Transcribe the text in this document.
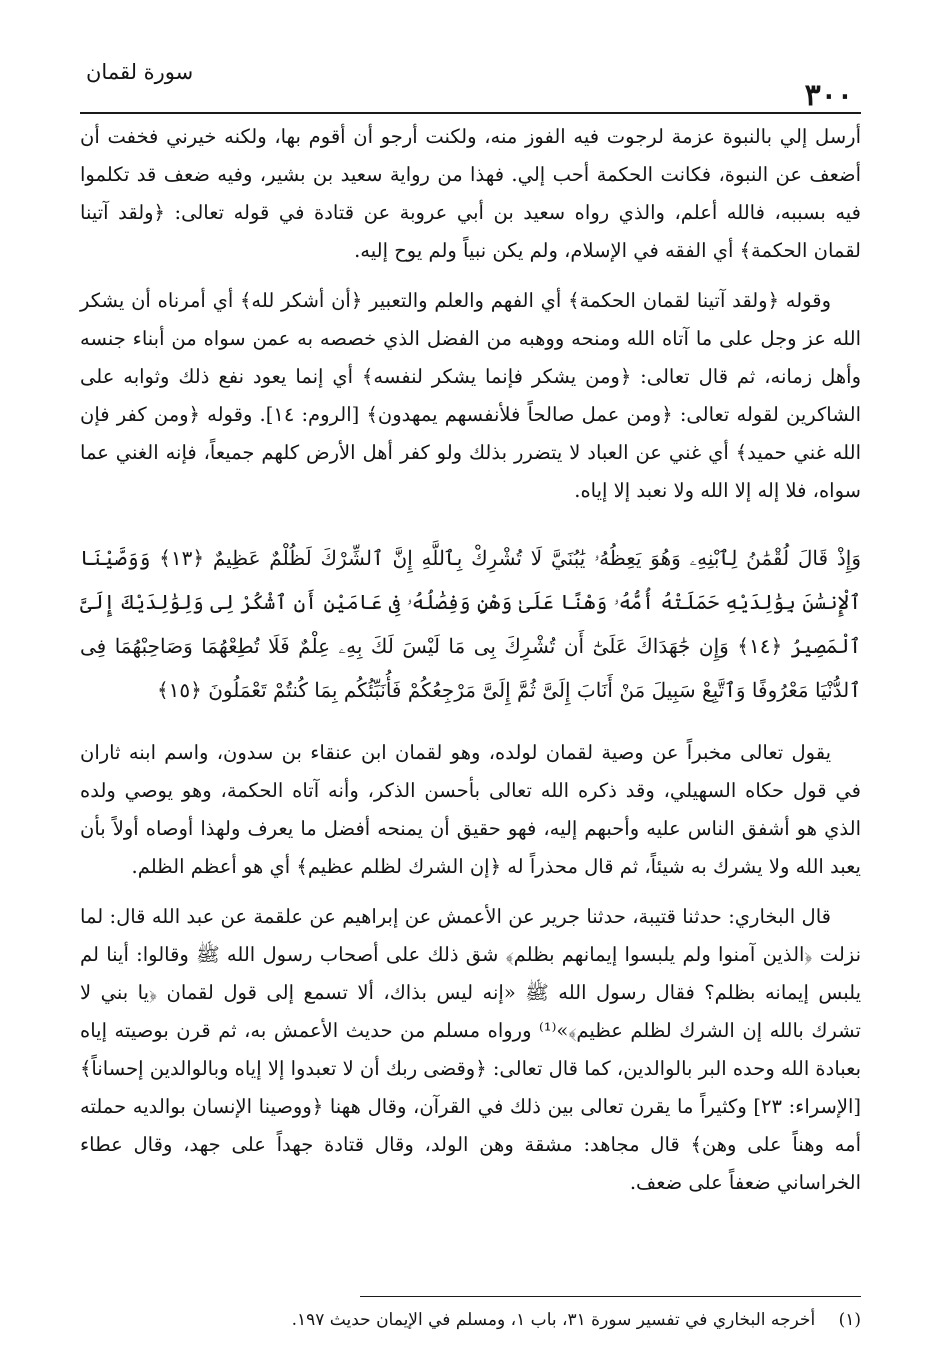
سورة لقمان
٣٠٠

أرسل إلي بالنبوة عزمة لرجوت فيه الفوز منه، ولكنت أرجو أن أقوم بها، ولكنه خيرني فخفت أن أضعف عن النبوة، فكانت الحكمة أحب إلي. فهذا من رواية سعيد بن بشير، وفيه ضعف قد تكلموا فيه بسببه، فالله أعلم، والذي رواه سعيد بن أبي عروبة عن قتادة في قوله تعالى: ﴿ولقد آتينا لقمان الحكمة﴾ أي الفقه في الإسلام، ولم يكن نبياً ولم يوح إليه.

وقوله ﴿ولقد آتينا لقمان الحكمة﴾ أي الفهم والعلم والتعبير ﴿أن أشكر لله﴾ أي أمرناه أن يشكر الله عز وجل على ما آتاه الله ومنحه ووهبه من الفضل الذي خصصه به عمن سواه من أبناء جنسه وأهل زمانه، ثم قال تعالى: ﴿ومن يشكر فإنما يشكر لنفسه﴾ أي إنما يعود نفع ذلك وثوابه على الشاكرين لقوله تعالى: ﴿ومن عمل صالحاً فلأنفسهم يمهدون﴾ [الروم: ١٤]. وقوله ﴿ومن كفر فإن الله غني حميد﴾ أي غني عن العباد لا يتضرر بذلك ولو كفر أهل الأرض كلهم جميعاً، فإنه الغني عما سواه، فلا إله إلا الله ولا نعبد إلا إياه.

وَإِذْ قَالَ لُقْمَٰنُ لِٱبْنِهِۦ وَهُوَ يَعِظُهُۥ يَٰبُنَيَّ لَا تُشْرِكْ بِٱللَّهِ إِنَّ ٱلشِّرْكَ لَظُلْمٌ عَظِيمٌ ﴿١٣﴾ وَوَصَّيْنَا ٱلْإِنسَٰنَ بِوَٰلِدَيْهِ حَمَلَتْهُ أُمُّهُۥ وَهْنًا عَلَىٰ وَهْنٍ وَفِصَٰلُهُۥ فِى عَامَيْنِ أَنِ ٱشْكُرْ لِى وَلِوَٰلِدَيْكَ إِلَىَّ ٱلْمَصِيرُ ﴿١٤﴾ وَإِن جَٰهَدَاكَ عَلَىٰٓ أَن تُشْرِكَ بِى مَا لَيْسَ لَكَ بِهِۦ عِلْمٌ فَلَا تُطِعْهُمَا وَصَاحِبْهُمَا فِى ٱلدُّنْيَا مَعْرُوفًا وَٱتَّبِعْ سَبِيلَ مَنْ أَنَابَ إِلَىَّ ثُمَّ إِلَىَّ مَرْجِعُكُمْ فَأُنَبِّئُكُم بِمَا كُنتُمْ تَعْمَلُونَ ﴿١٥﴾

يقول تعالى مخبراً عن وصية لقمان لولده، وهو لقمان ابن عنقاء بن سدون، واسم ابنه ثاران في قول حكاه السهيلي، وقد ذكره الله تعالى بأحسن الذكر، وأنه آتاه الحكمة، وهو يوصي ولده الذي هو أشفق الناس عليه وأحبهم إليه، فهو حقيق أن يمنحه أفضل ما يعرف ولهذا أوصاه أولاً بأن يعبد الله ولا يشرك به شيئاً، ثم قال محذراً له ﴿إن الشرك لظلم عظيم﴾ أي هو أعظم الظلم.

قال البخاري: حدثنا قتيبة، حدثنا جرير عن الأعمش عن إبراهيم عن علقمة عن عبد الله قال: لما نزلت ﴿الذين آمنوا ولم يلبسوا إيمانهم بظلم﴾ شق ذلك على أصحاب رسول الله ﷺ وقالوا: أينا لم يلبس إيمانه بظلم؟ فقال رسول الله ﷺ «إنه ليس بذاك، ألا تسمع إلى قول لقمان ﴿يا بني لا تشرك بالله إن الشرك لظلم عظيم﴾»⁽¹⁾ ورواه مسلم من حديث الأعمش به، ثم قرن بوصيته إياه بعبادة الله وحده البر بالوالدين، كما قال تعالى: ﴿وقضى ربك أن لا تعبدوا إلا إياه وبالوالدين إحساناً﴾ [الإسراء: ٢٣] وكثيراً ما يقرن تعالى بين ذلك في القرآن، وقال ههنا ﴿ووصينا الإنسان بوالديه حملته أمه وهناً على وهن﴾ قال مجاهد: مشقة وهن الولد، وقال قتادة جهداً على جهد، وقال عطاء الخراساني ضعفاً على ضعف.

(١) أخرجه البخاري في تفسير سورة ٣١، باب ١، ومسلم في الإيمان حديث ١٩٧.
